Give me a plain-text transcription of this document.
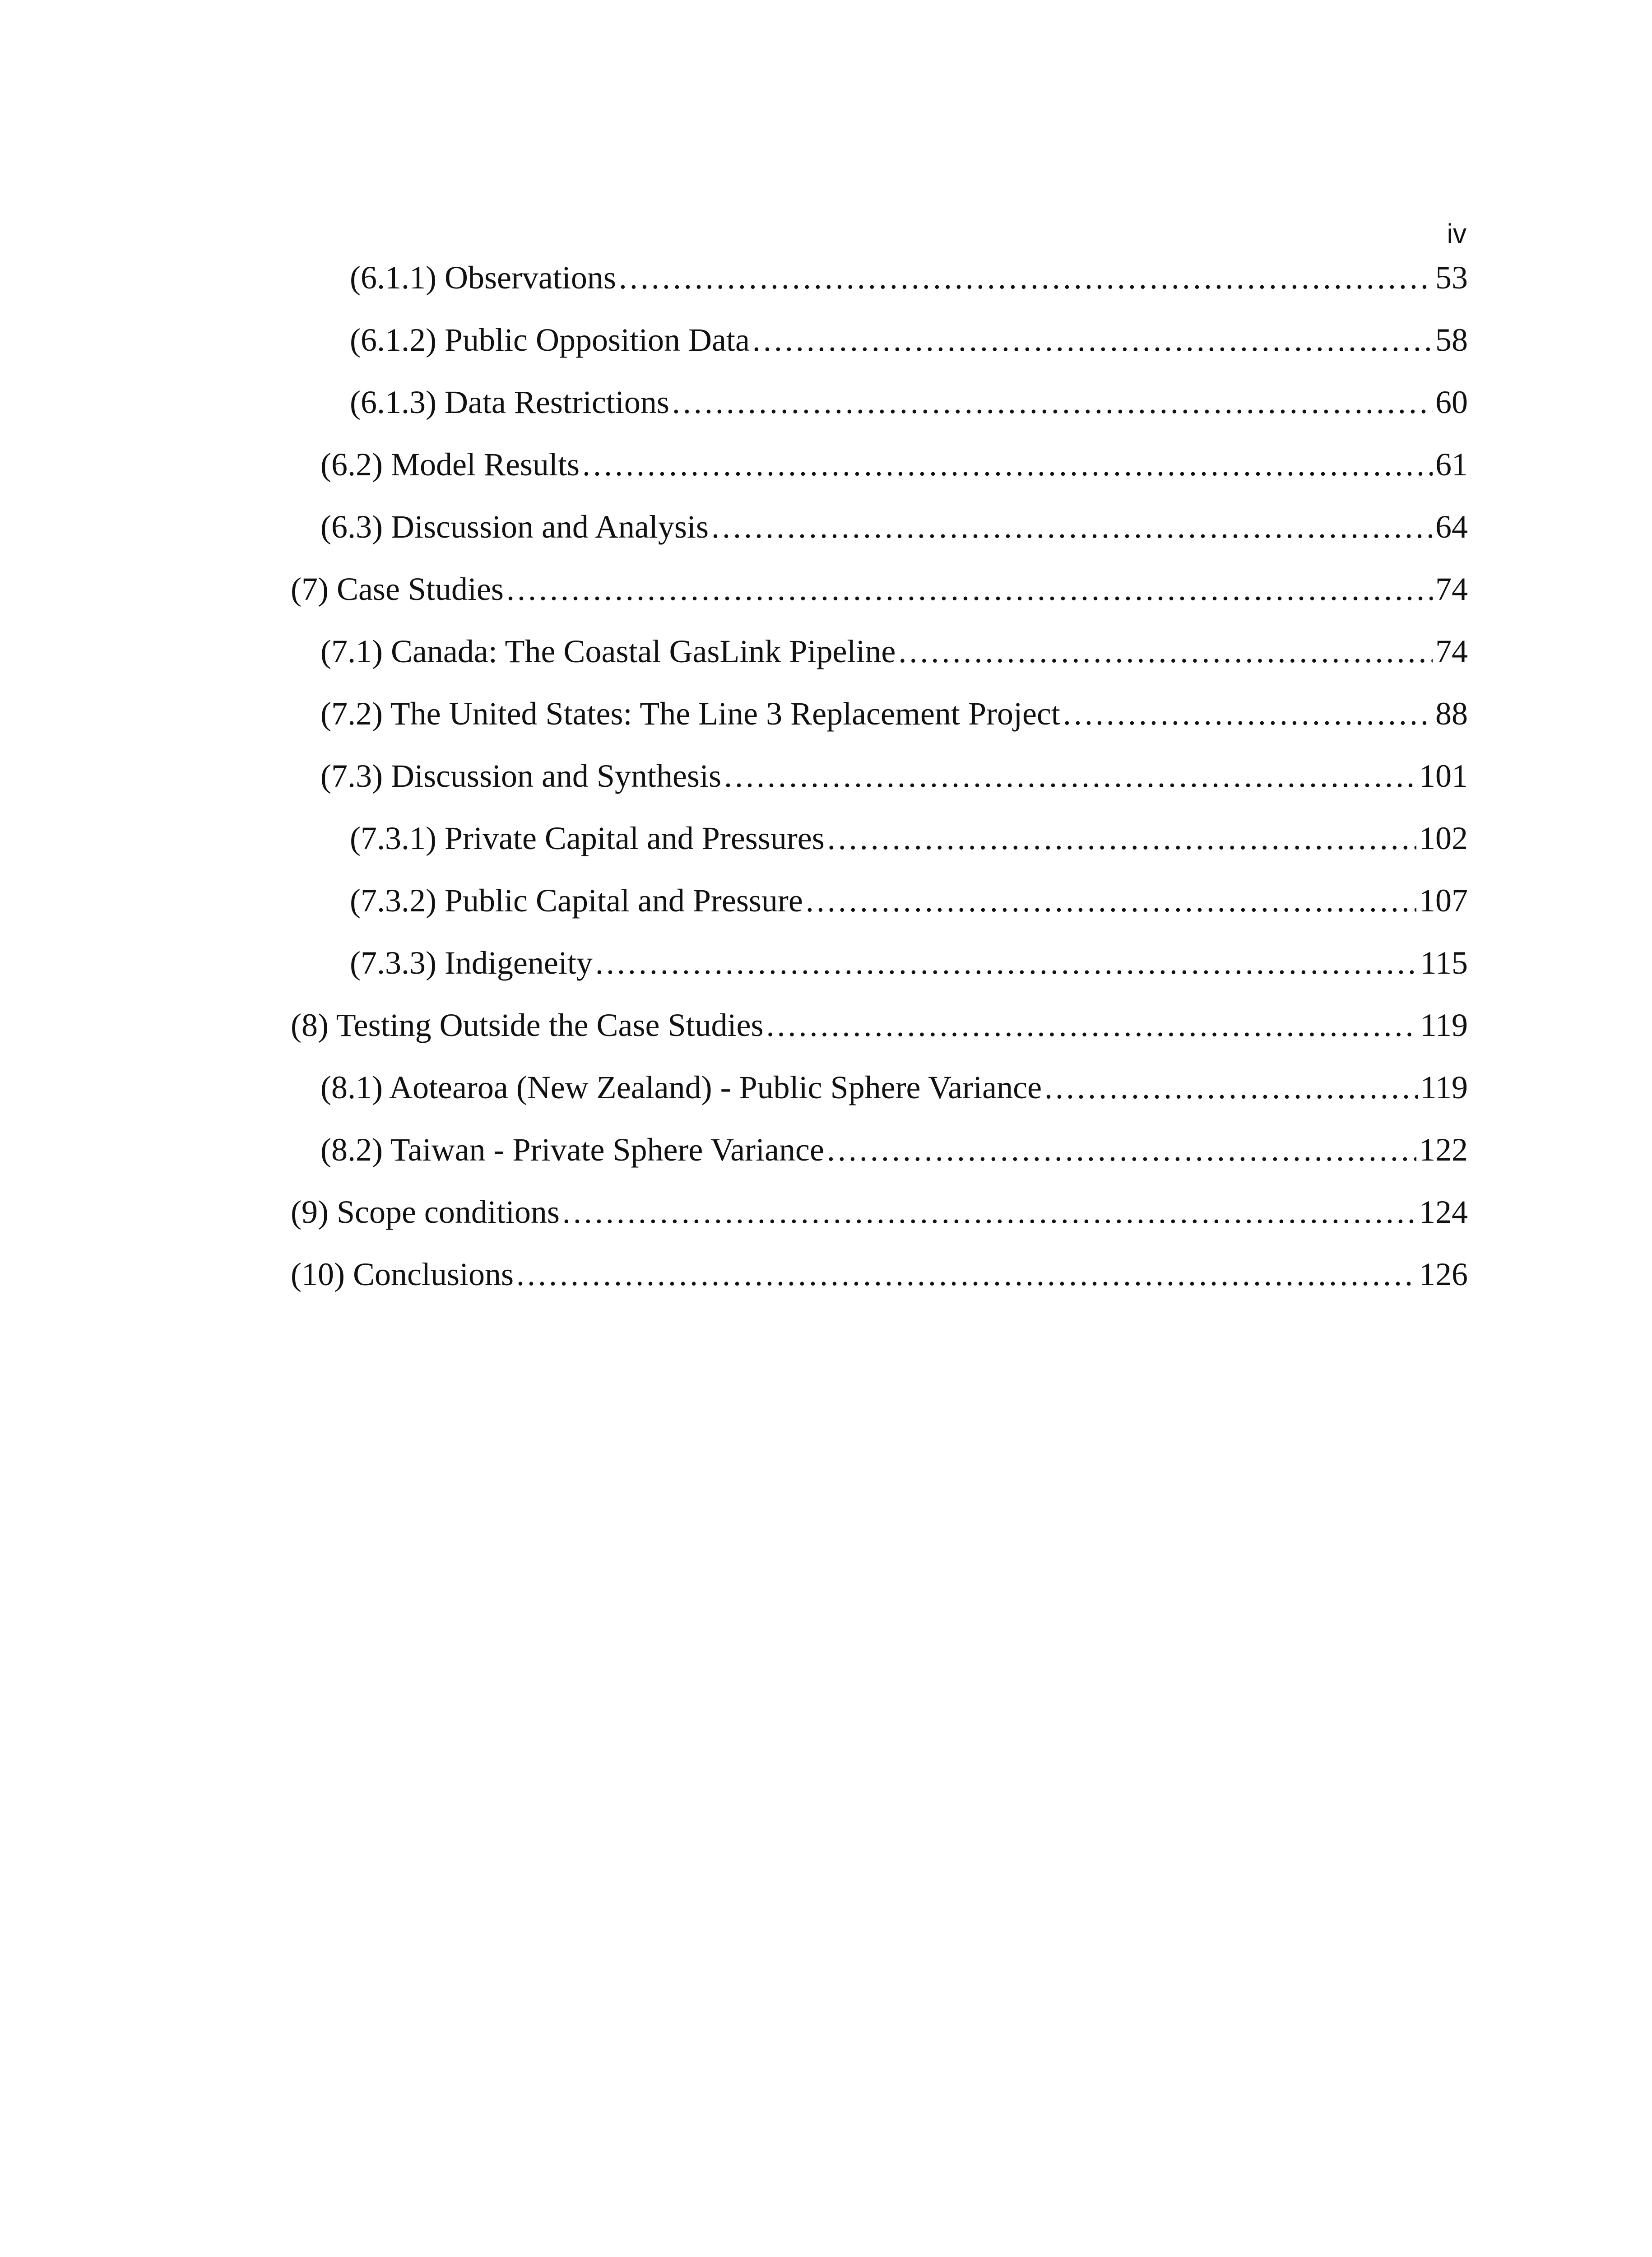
iv
(6.1.1) Observations .....	53
(6.1.2) Public Opposition Data .....	58
(6.1.3) Data Restrictions .....	60
(6.2) Model Results .....	61
(6.3) Discussion and Analysis .....	64
(7) Case Studies .....	74
(7.1) Canada: The Coastal GasLink Pipeline .....	74
(7.2) The United States: The Line 3 Replacement Project .....	88
(7.3) Discussion and Synthesis .....	101
(7.3.1) Private Capital and Pressures .....	102
(7.3.2) Public Capital and Pressure .....	107
(7.3.3) Indigeneity .....	115
(8) Testing Outside the Case Studies .....	119
(8.1) Aotearoa (New Zealand) - Public Sphere Variance .....	119
(8.2) Taiwan - Private Sphere Variance .....	122
(9) Scope conditions .....	124
(10) Conclusions .....	126
